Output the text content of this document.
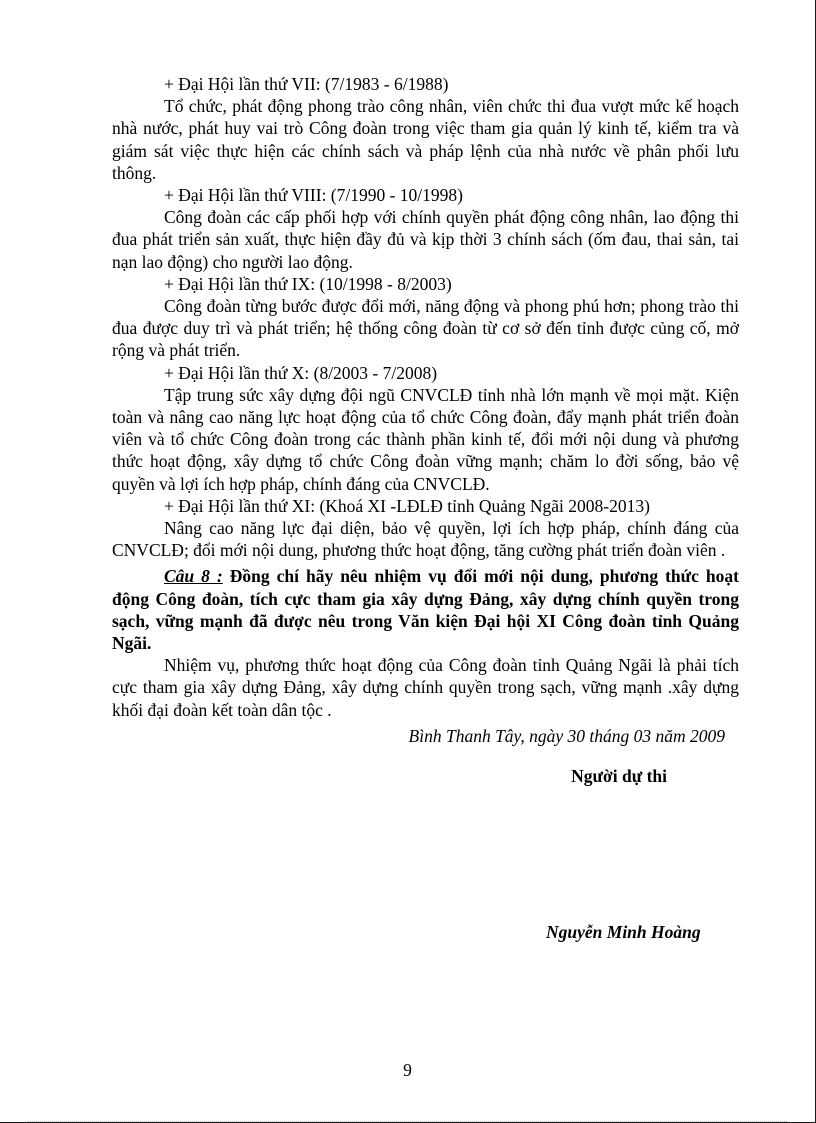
+ Đại Hội lần thứ VII: (7/1983 - 6/1988)

Tổ chức, phát động phong trào công nhân, viên chức thi đua vượt mức kế hoạch nhà nước, phát huy vai trò Công đoàn trong việc tham gia quản lý kinh tế, kiểm tra và giám sát việc thực hiện các chính sách và pháp lệnh của nhà nước về phân phối lưu thông.

+ Đại Hội lần thứ VIII: (7/1990 - 10/1998)

Công đoàn các cấp phối hợp với chính quyền phát động công nhân, lao động thi đua phát triển sản xuất, thực hiện đầy đủ và kịp thời 3 chính sách (ốm đau, thai sản, tai nạn lao động) cho người lao động.

+ Đại Hội lần thứ IX: (10/1998 - 8/2003)

Công đoàn từng bước được đổi mới, năng động và phong phú hơn; phong trào thi đua được duy trì và phát triển; hệ thống công đoàn từ cơ sở đến tỉnh được củng cố, mở rộng và phát triển.

+ Đại Hội lần thứ X: (8/2003 - 7/2008)

Tập trung sức xây dựng đội ngũ CNVCLĐ tỉnh nhà lớn mạnh về mọi mặt. Kiện toàn và nâng cao năng lực hoạt động của tổ chức Công đoàn, đẩy mạnh phát triển đoàn viên và tổ chức Công đoàn trong các thành phần kinh tế, đổi mới nội dung và phương thức hoạt động, xây dựng tổ chức Công đoàn vững mạnh; chăm lo đời sống, bảo vệ quyền và lợi ích hợp pháp, chính đáng của CNVCLĐ.

+ Đại Hội lần thứ XI: (Khoá XI -LĐLĐ tỉnh Quảng Ngãi 2008-2013)

Nâng cao năng lực đại diện, bảo vệ quyền, lợi ích hợp pháp, chính đáng của CNVCLĐ; đổi mới nội dung, phương thức hoạt động, tăng cường phát triển đoàn viên .

Câu 8 : Đồng chí hãy nêu nhiệm vụ đổi mới nội dung, phương thức hoạt động Công đoàn, tích cực tham gia xây dựng Đảng, xây dựng chính quyền trong sạch, vững mạnh đã được nêu trong Văn kiện Đại hội XI Công đoàn tỉnh Quảng Ngãi.

Nhiệm vụ, phương thức hoạt động của Công đoàn tỉnh Quảng Ngãi là phải tích cực tham gia xây dựng Đảng, xây dựng chính quyền trong sạch, vững mạnh .xây dựng khối đại đoàn kết toàn dân tộc .

Bình Thanh Tây, ngày 30 tháng 03 năm 2009

Người dự thi

Nguyễn Minh Hoàng
9
